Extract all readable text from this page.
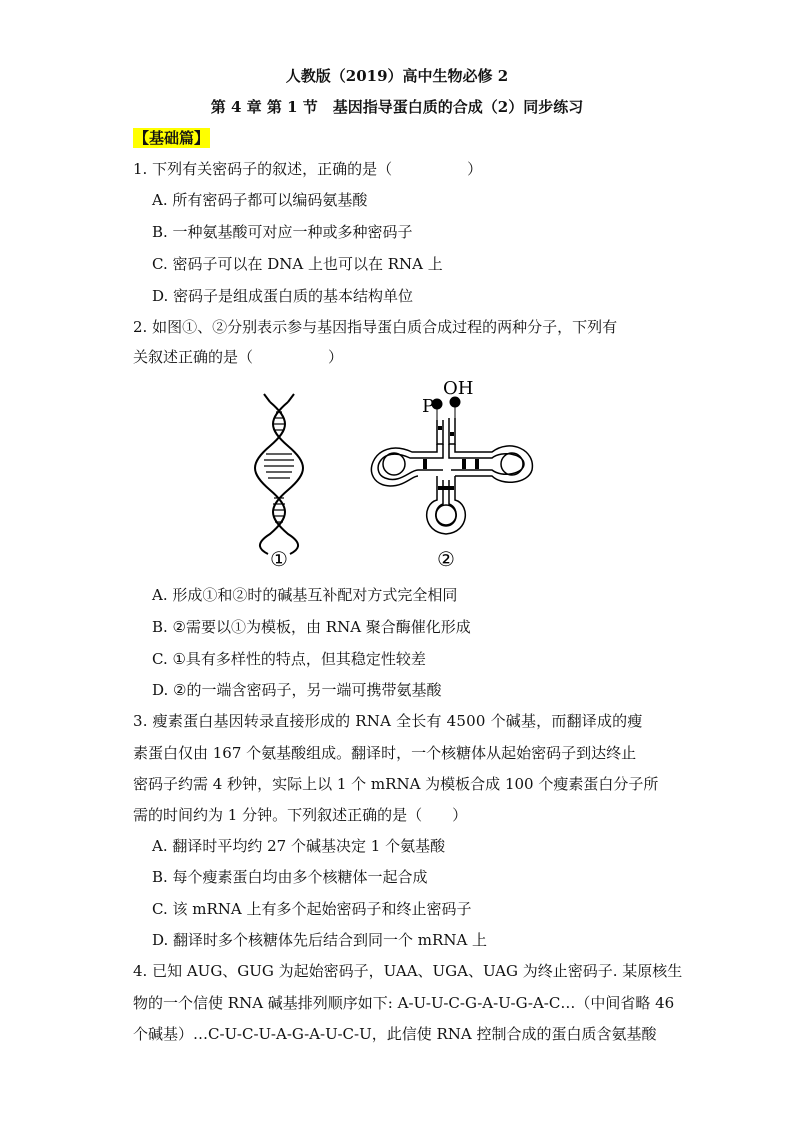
人教版（2019）高中生物必修 2
第 4 章 第 1 节　基因指导蛋白质的合成（2）同步练习
【基础篇】
1. 下列有关密码子的叙述，正确的是（　　　　　）
A. 所有密码子都可以编码氨基酸
B. 一种氨基酸可对应一种或多种密码子
C. 密码子可以在 DNA 上也可以在 RNA 上
D. 密码子是组成蛋白质的基本结构单位
2. 如图①、②分别表示参与基因指导蛋白质合成过程的两种分子，下列有
关叙述正确的是（　　　　　）
①
OH
P
②
A. 形成①和②时的碱基互补配对方式完全相同
B. ②需要以①为模板，由 RNA 聚合酶催化形成
C. ①具有多样性的特点，但其稳定性较差
D. ②的一端含密码子，另一端可携带氨基酸
3. 瘦素蛋白基因转录直接形成的 RNA 全长有 4500 个碱基，而翻译成的瘦
素蛋白仅由 167 个氨基酸组成。翻译时，一个核糖体从起始密码子到达终止
密码子约需 4 秒钟，实际上以 1 个 mRNA 为模板合成 100 个瘦素蛋白分子所
需的时间约为 1 分钟。下列叙述正确的是（　　）
A. 翻译时平均约 27 个碱基决定 1 个氨基酸
B. 每个瘦素蛋白均由多个核糖体一起合成
C. 该 mRNA 上有多个起始密码子和终止密码子
D. 翻译时多个核糖体先后结合到同一个 mRNA 上
4. 已知 AUG、GUG 为起始密码子，UAA、UGA、UAG 为终止密码子. 某原核生
物的一个信使 RNA 碱基排列顺序如下: A-U-U-C-G-A-U-G-A-C…（中间省略 46
个碱基）…C-U-C-U-A-G-A-U-C-U，此信使 RNA 控制合成的蛋白质含氨基酸
